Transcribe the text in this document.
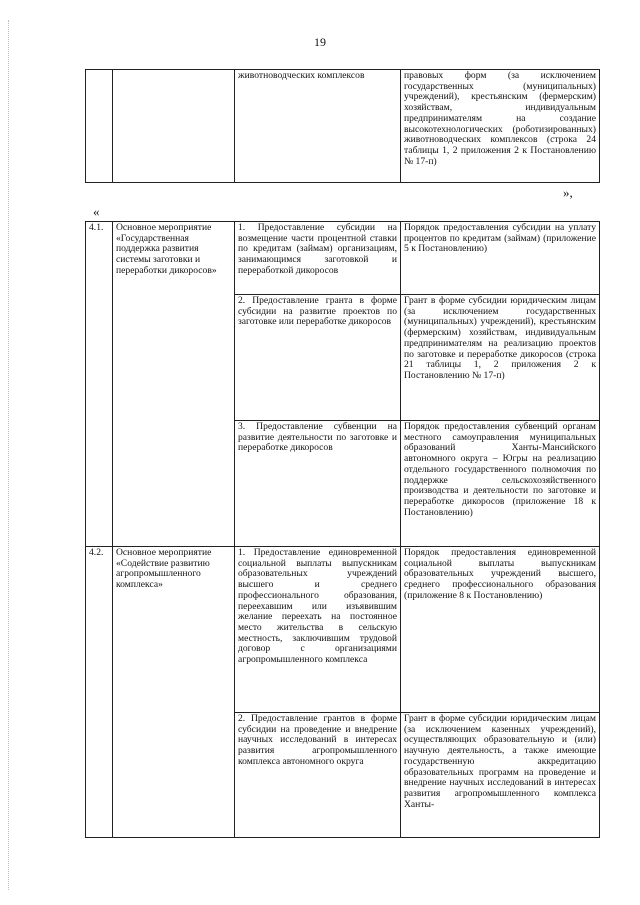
19
		животноводческих комплексов	правовых форм (за исключением государственных (муниципальных) учреждений), крестьянским (фермерским) хозяйствам, индивидуальным предпринимателям на создание высокотехнологических (роботизированных) животноводческих комплексов (строка 24 таблицы 1, 2 приложения 2 к Постановлению № 17-п)
»,
«
4.1.	Основное мероприятие «Государственная поддержка развития системы заготовки и переработки дикоросов»	1. Предоставление субсидии на возмещение части процентной ставки по кредитам (займам) организациям, занимающимся заготовкой и переработкой дикоросов	Порядок предоставления субсидии на уплату процентов по кредитам (займам) (приложение 5 к Постановлению)
		2. Предоставление гранта в форме субсидии на развитие проектов по заготовке или переработке дикоросов	Грант в форме субсидии юридическим лицам (за исключением государственных (муниципальных) учреждений), крестьянским (фермерским) хозяйствам, индивидуальным предпринимателям на реализацию проектов по заготовке и переработке дикоросов (строка 21 таблицы 1, 2 приложения 2 к Постановлению № 17-п)
		3. Предоставление субвенции на развитие деятельности по заготовке и переработке дикоросов	Порядок предоставления субвенций органам местного самоуправления муниципальных образований Ханты-Мансийского автономного округа – Югры на реализацию отдельного государственного полномочия по поддержке сельскохозяйственного производства и деятельности по заготовке и переработке дикоросов (приложение 18 к Постановлению)
4.2.	Основное мероприятие «Содействие развитию агропромышленного комплекса»	1. Предоставление единовременной социальной выплаты выпускникам образовательных учреждений высшего и среднего профессионального образования, переехавшим или изъявившим желание переехать на постоянное место жительства в сельскую местность, заключившим трудовой договор с организациями агропромышленного комплекса	Порядок предоставления единовременной социальной выплаты выпускникам образовательных учреждений высшего, среднего профессионального образования (приложение 8 к Постановлению)
		2. Предоставление грантов в форме субсидии на проведение и внедрение научных исследований в интересах развития агропромышленного комплекса автономного округа	Грант в форме субсидии юридическим лицам (за исключением казенных учреждений), осуществляющих образовательную и (или) научную деятельность, а также имеющие государственную аккредитацию образовательных программ на проведение и внедрение научных исследований в интересах развития агропромышленного комплекса Ханты-
